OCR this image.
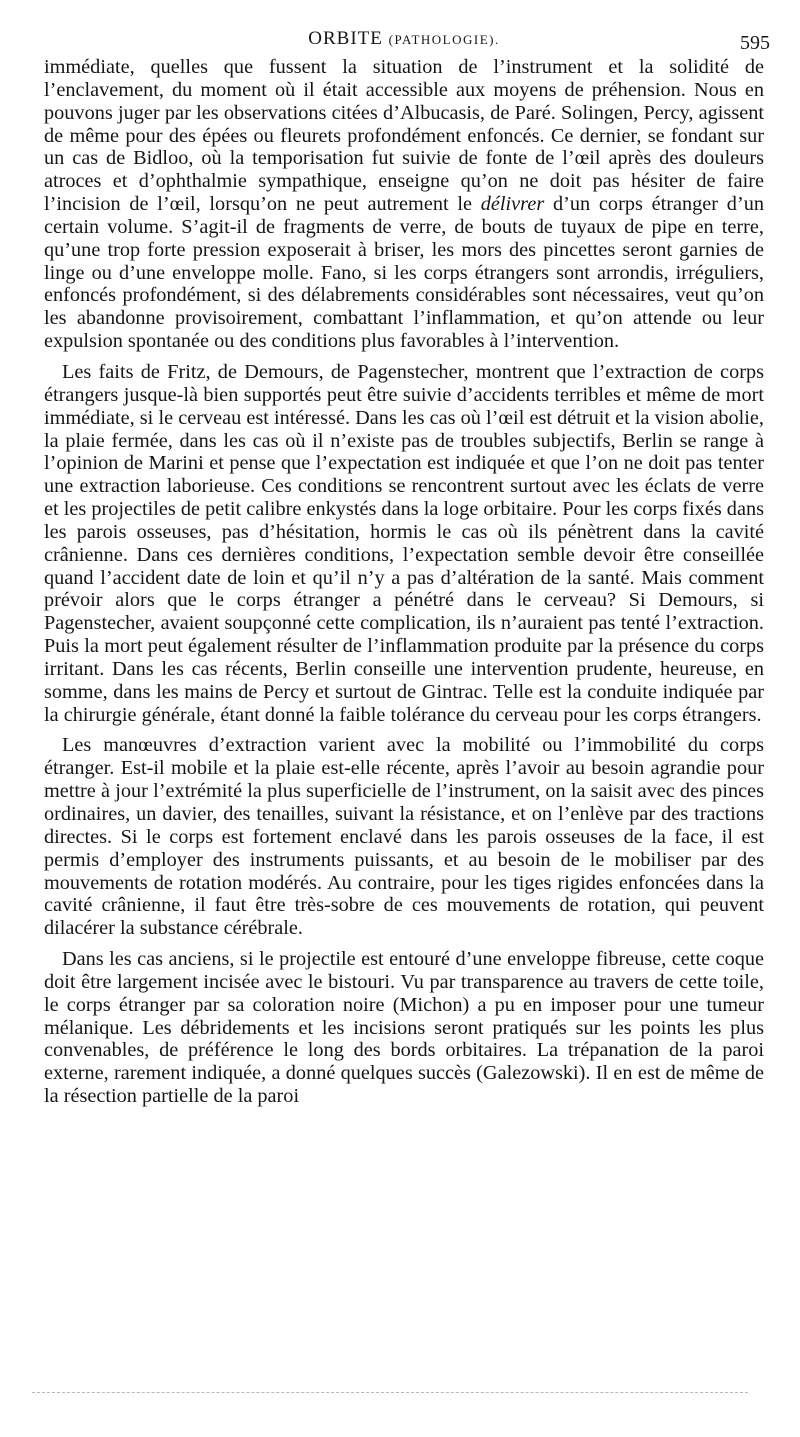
ORBITE (PATHOLOGIE).	595

immédiate, quelles que fussent la situation de l’instrument et la solidité de l’enclavement, du moment où il était accessible aux moyens de préhension. Nous en pouvons juger par les observations citées d’Albucasis, de Paré. Solingen, Percy, agissent de même pour des épées ou fleurets profondément enfoncés. Ce dernier, se fondant sur un cas de Bidloo, où la temporisation fut suivie de fonte de l’œil après des douleurs atroces et d’ophthalmie sympathique, enseigne qu’on ne doit pas hésiter de faire l’incision de l’œil, lorsqu’on ne peut autrement le délivrer d’un corps étranger d’un certain volume. S’agit-il de fragments de verre, de bouts de tuyaux de pipe en terre, qu’une trop forte pression exposerait à briser, les mors des pincettes seront garnies de linge ou d’une enveloppe molle. Fano, si les corps étrangers sont arrondis, irréguliers, enfoncés profondément, si des délabrements considérables sont nécessaires, veut qu’on les abandonne provisoirement, combattant l’inflammation, et qu’on attende ou leur expulsion spontanée ou des conditions plus favorables à l’intervention.

Les faits de Fritz, de Demours, de Pagenstecher, montrent que l’extraction de corps étrangers jusque-là bien supportés peut être suivie d’accidents terribles et même de mort immédiate, si le cerveau est intéressé. Dans les cas où l’œil est détruit et la vision abolie, la plaie fermée, dans les cas où il n’existe pas de troubles subjectifs, Berlin se range à l’opinion de Marini et pense que l’expectation est indiquée et que l’on ne doit pas tenter une extraction laborieuse. Ces conditions se rencontrent surtout avec les éclats de verre et les projectiles de petit calibre enkystés dans la loge orbitaire. Pour les corps fixés dans les parois osseuses, pas d’hésitation, hormis le cas où ils pénètrent dans la cavité crânienne. Dans ces dernières conditions, l’expectation semble devoir être conseillée quand l’accident date de loin et qu’il n’y a pas d’altération de la santé. Mais comment prévoir alors que le corps étranger a pénétré dans le cerveau? Si Demours, si Pagenstecher, avaient soupçonné cette complication, ils n’auraient pas tenté l’extraction. Puis la mort peut également résulter de l’inflammation produite par la présence du corps irritant. Dans les cas récents, Berlin conseille une intervention prudente, heureuse, en somme, dans les mains de Percy et surtout de Gintrac. Telle est la conduite indiquée par la chirurgie générale, étant donné la faible tolérance du cerveau pour les corps étrangers.

Les manœuvres d’extraction varient avec la mobilité ou l’immobilité du corps étranger. Est-il mobile et la plaie est-elle récente, après l’avoir au besoin agrandie pour mettre à jour l’extrémité la plus superficielle de l’instrument, on la saisit avec des pinces ordinaires, un davier, des tenailles, suivant la résistance, et on l’enlève par des tractions directes. Si le corps est fortement enclavé dans les parois osseuses de la face, il est permis d’employer des instruments puissants, et au besoin de le mobiliser par des mouvements de rotation modérés. Au contraire, pour les tiges rigides enfoncées dans la cavité crânienne, il faut être très-sobre de ces mouvements de rotation, qui peuvent dilacérer la substance cérébrale.

Dans les cas anciens, si le projectile est entouré d’une enveloppe fibreuse, cette coque doit être largement incisée avec le bistouri. Vu par transparence au travers de cette toile, le corps étranger par sa coloration noire (Michon) a pu en imposer pour une tumeur mélanique. Les débridements et les incisions seront pratiqués sur les points les plus convenables, de préférence le long des bords orbitaires. La trépanation de la paroi externe, rarement indiquée, a donné quelques succès (Galezowski). Il en est de même de la résection partielle de la paroi
